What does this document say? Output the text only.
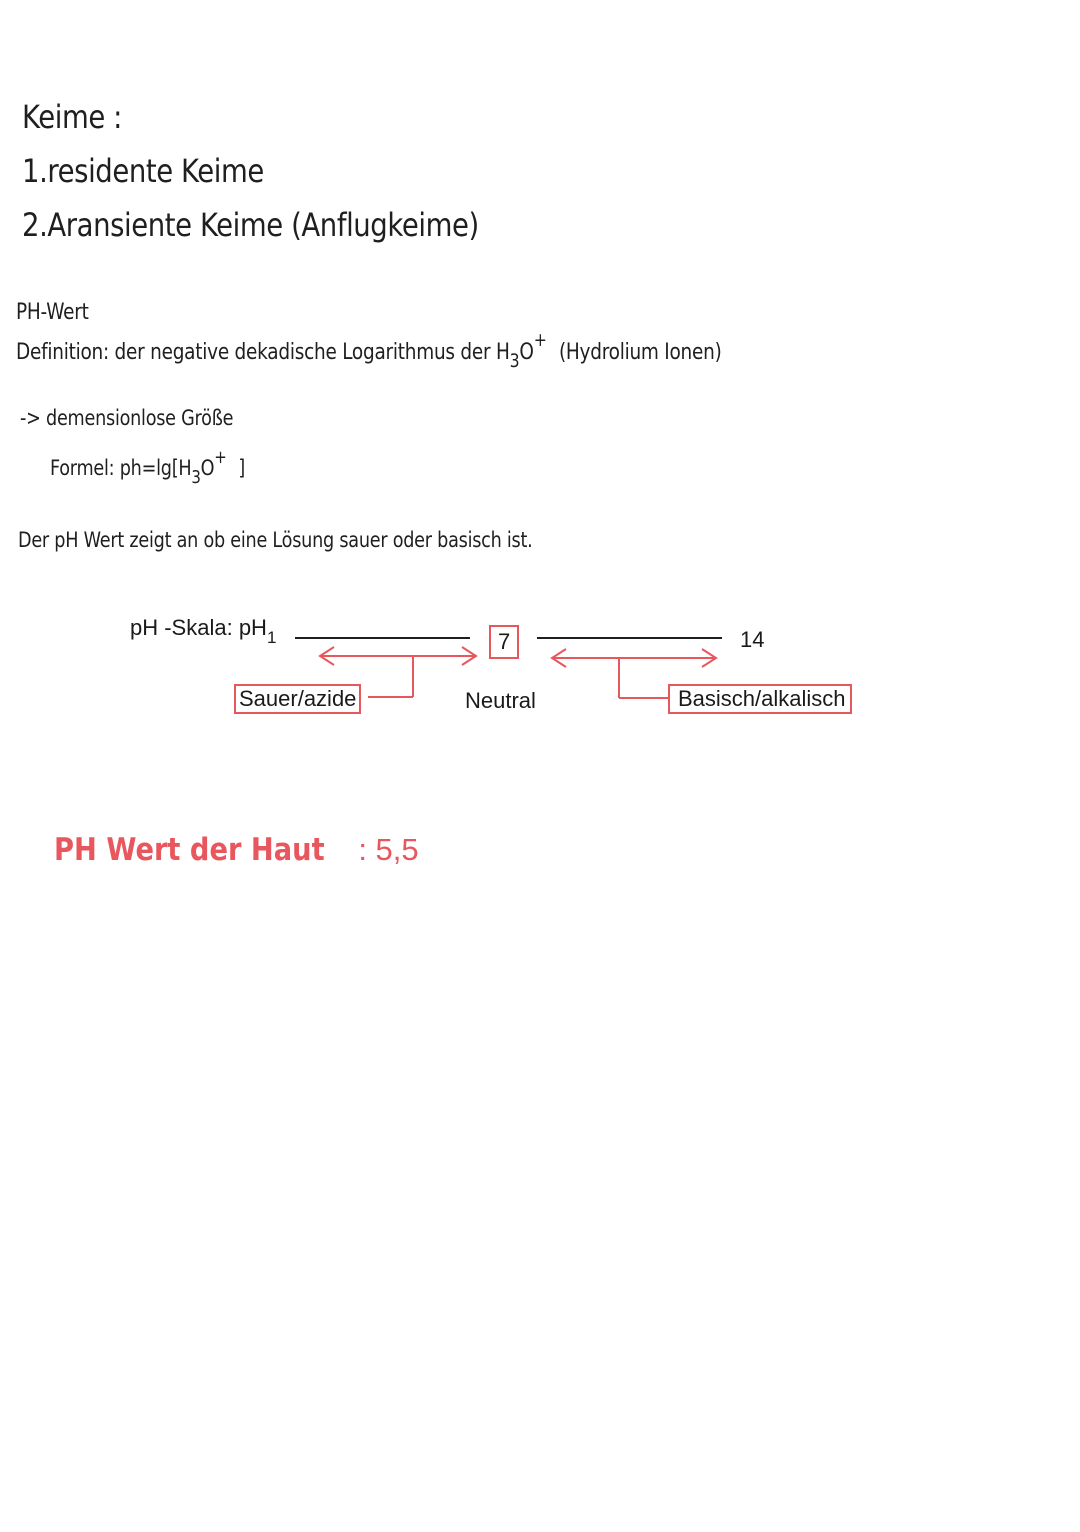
Keime :
1.residente Keime
2.Aransiente Keime (Anflugkeime)
PH-Wert
Definition: der negative dekadische Logarithmus der $H_3O^+$ (Hydrolium Ionen)
-> demensionlose Größe
Formel: ph=lg[H3O+ ]
Der pH Wert zeigt an ob eine Lösung sauer oder basisch ist.
pH -Skala: $pH_1$	7	14
Sauer/azide	Neutral	Basisch/alkalisch
PH Wert der Haut : 5,5
